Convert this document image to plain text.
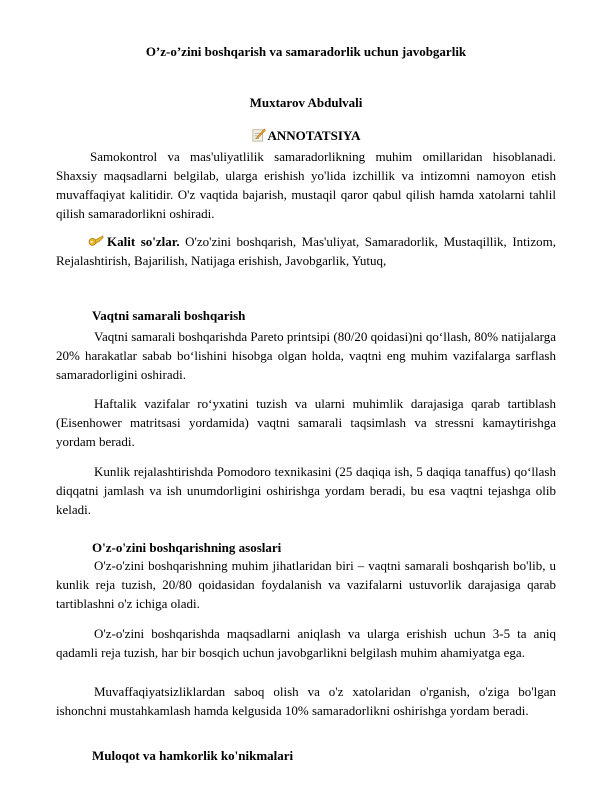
O’z-o’zini boshqarish va samaradorlik uchun javobgarlik
Muxtarov Abdulvali
ANNOTATSIYA
Samokontrol va mas'uliyatlilik samaradorlikning muhim omillaridan hisoblanadi. Shaxsiy maqsadlarni belgilab, ularga erishish yo'lida izchillik va intizomni namoyon etish muvaffaqiyat kalitidir. O'z vaqtida bajarish, mustaqil qaror qabul qilish hamda xatolarni tahlil qilish samaradorlikni oshiradi.
Kalit so'zlar. O'zo'zini boshqarish, Mas'uliyat, Samaradorlik, Mustaqillik, Intizom, Rejalashtirish, Bajarilish, Natijaga erishish, Javobgarlik, Yutuq,
Vaqtni samarali boshqarish
Vaqtni samarali boshqarishda Pareto printsipi (80/20 qoidasi)ni qo‘llash, 80% natijalarga 20% harakatlar sabab bo‘lishini hisobga olgan holda, vaqtni eng muhim vazifalarga sarflash samaradorligini oshiradi.
Haftalik vazifalar ro‘yxatini tuzish va ularni muhimlik darajasiga qarab tartiblash (Eisenhower matritsasi yordamida) vaqtni samarali taqsimlash va stressni kamaytirishga yordam beradi.
Kunlik rejalashtirishda Pomodoro texnikasini (25 daqiqa ish, 5 daqiqa tanaffus) qo‘llash diqqatni jamlash va ish unumdorligini oshirishga yordam beradi, bu esa vaqtni tejashga olib keladi.
O'z-o'zini boshqarishning asoslari
O'z-o'zini boshqarishning muhim jihatlaridan biri – vaqtni samarali boshqarish bo'lib, u kunlik reja tuzish, 20/80 qoidasidan foydalanish va vazifalarni ustuvorlik darajasiga qarab tartiblashni o'z ichiga oladi.
O'z-o'zini boshqarishda maqsadlarni aniqlash va ularga erishish uchun 3-5 ta aniq qadamli reja tuzish, har bir bosqich uchun javobgarlikni belgilash muhim ahamiyatga ega.
Muvaffaqiyatsizliklardan saboq olish va o'z xatolaridan o'rganish, o'ziga bo'lgan ishonchni mustahkamlash hamda kelgusida 10% samaradorlikni oshirishga yordam beradi.
Muloqot va hamkorlik ko'nikmalari
